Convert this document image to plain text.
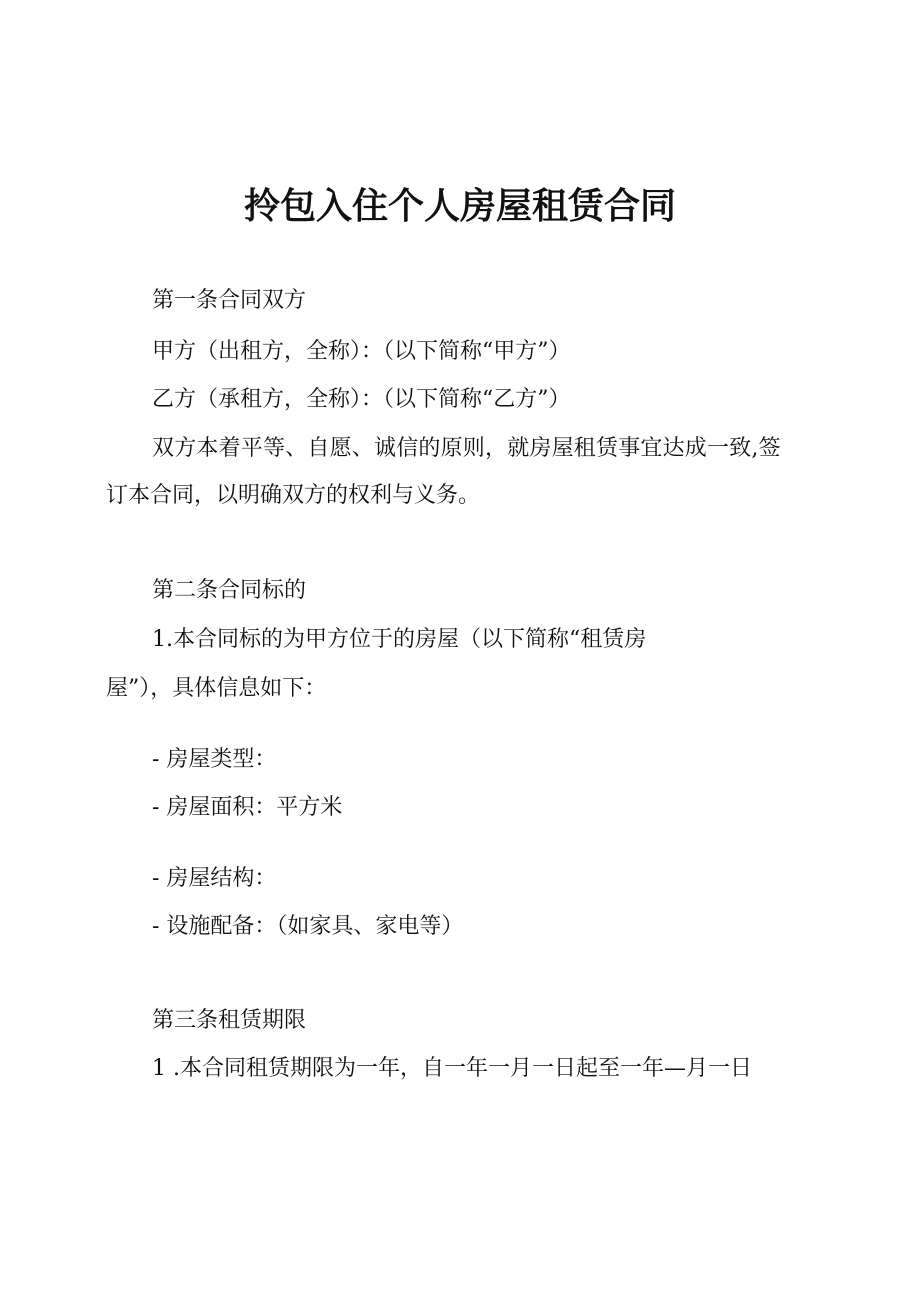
拎包入住个人房屋租赁合同

第一条合同双方

甲方（出租方，全称）：（以下简称“甲方”）

乙方（承租方，全称）：（以下简称“乙方”）

双方本着平等、自愿、诚信的原则，就房屋租赁事宜达成一致,签

订本合同，以明确双方的权利与义务。

第二条合同标的

1.本合同标的为甲方位于的房屋（以下简称“租赁房

屋”），具体信息如下：

- 房屋类型：

- 房屋面积：平方米

- 房屋结构：

- 设施配备：（如家具、家电等）

第三条租赁期限

1 .本合同租赁期限为一年，自一年一月一日起至一年—月一日
